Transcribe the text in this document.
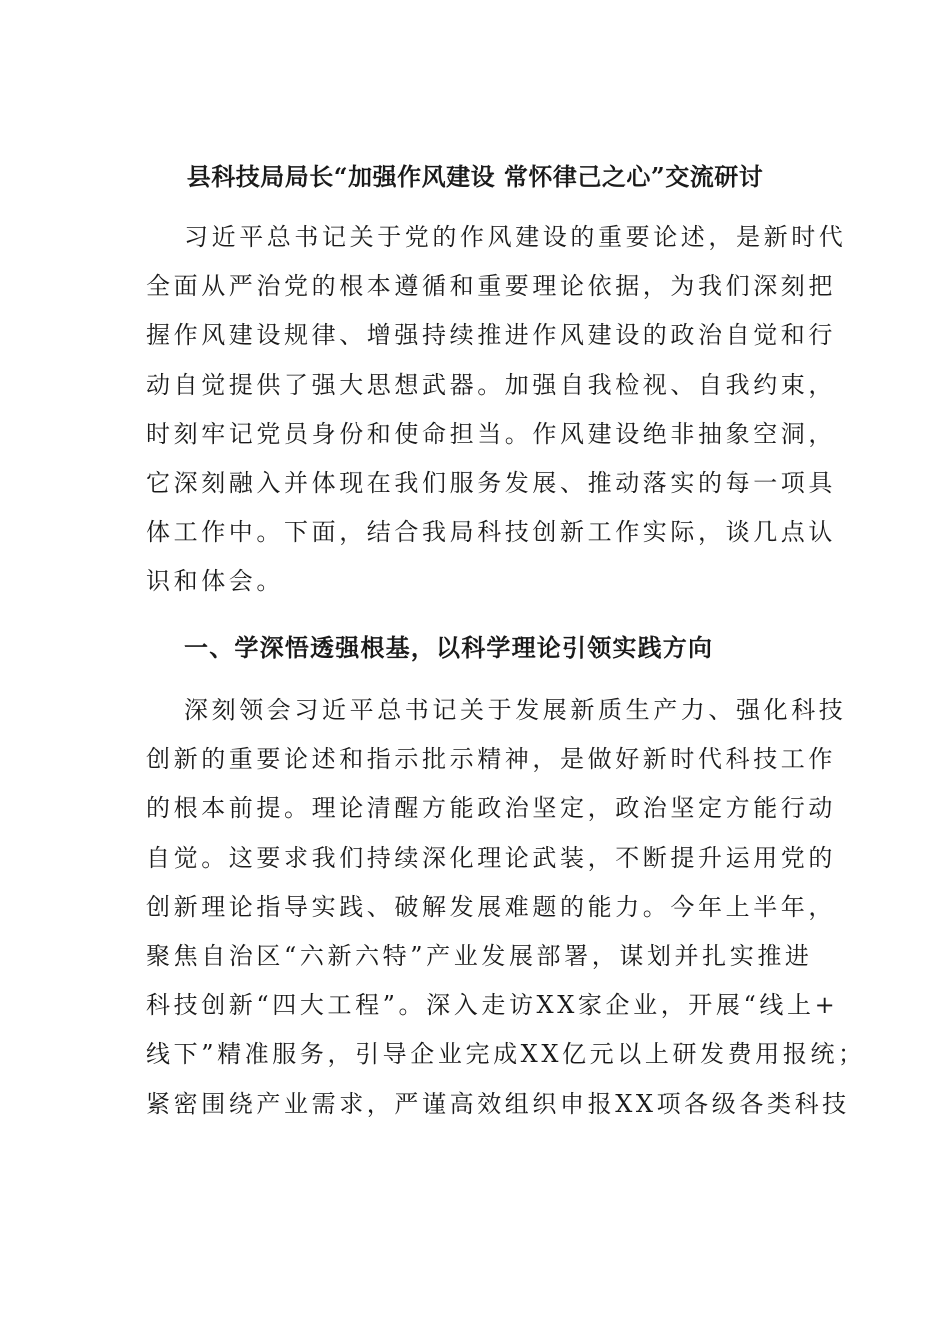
县科技局局长“加强作风建设 常怀律己之心”交流研讨
习近平总书记关于党的作风建设的重要论述，是新时代
全面从严治党的根本遵循和重要理论依据，为我们深刻把
握作风建设规律、增强持续推进作风建设的政治自觉和行
动自觉提供了强大思想武器。加强自我检视、自我约束，
时刻牢记党员身份和使命担当。作风建设绝非抽象空洞，
它深刻融入并体现在我们服务发展、推动落实的每一项具
体工作中。下面，结合我局科技创新工作实际，谈几点认
识和体会。
一、学深悟透强根基，以科学理论引领实践方向
深刻领会习近平总书记关于发展新质生产力、强化科技
创新的重要论述和指示批示精神，是做好新时代科技工作
的根本前提。理论清醒方能政治坚定，政治坚定方能行动
自觉。这要求我们持续深化理论武装，不断提升运用党的
创新理论指导实践、破解发展难题的能力。今年上半年，
聚焦自治区“六新六特”产业发展部署，谋划并扎实推进
科技创新“四大工程”。深入走访XX家企业，开展“线上+
线下”精准服务，引导企业完成XX亿元以上研发费用报统；
紧密围绕产业需求，严谨高效组织申报XX项各级各类科技
